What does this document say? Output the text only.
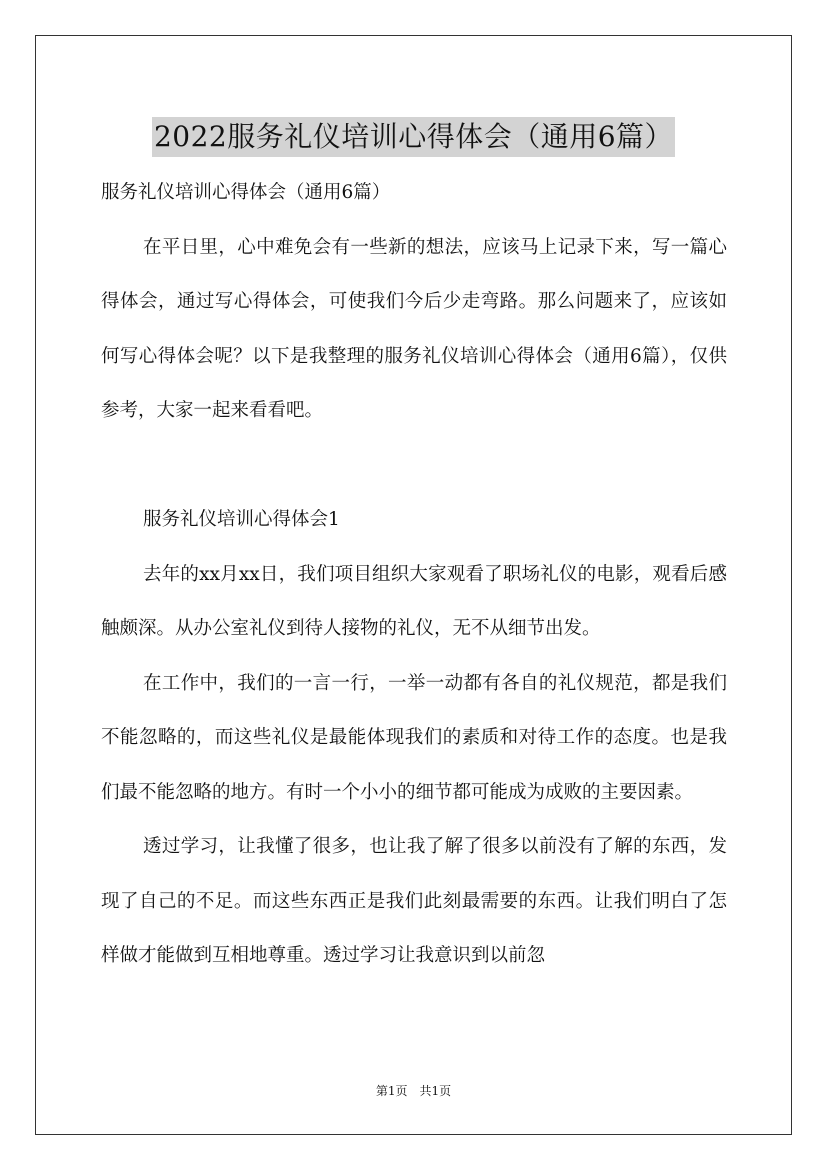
2022服务礼仪培训心得体会（通用6篇）

服务礼仪培训心得体会（通用6篇）

在平日里，心中难免会有一些新的想法，应该马上记录下来，写一篇心得体会，通过写心得体会，可使我们今后少走弯路。那么问题来了，应该如何写心得体会呢？以下是我整理的服务礼仪培训心得体会（通用6篇），仅供参考，大家一起来看看吧。

服务礼仪培训心得体会1

去年的xx月xx日，我们项目组织大家观看了职场礼仪的电影，观看后感触颇深。从办公室礼仪到待人接物的礼仪，无不从细节出发。

在工作中，我们的一言一行，一举一动都有各自的礼仪规范，都是我们不能忽略的，而这些礼仪是最能体现我们的素质和对待工作的态度。也是我们最不能忽略的地方。有时一个小小的细节都可能成为成败的主要因素。

透过学习，让我懂了很多，也让我了解了很多以前没有了解的东西，发现了自己的不足。而这些东西正是我们此刻最需要的东西。让我们明白了怎样做才能做到互相地尊重。透过学习让我意识到以前忽

第1页　共1页
